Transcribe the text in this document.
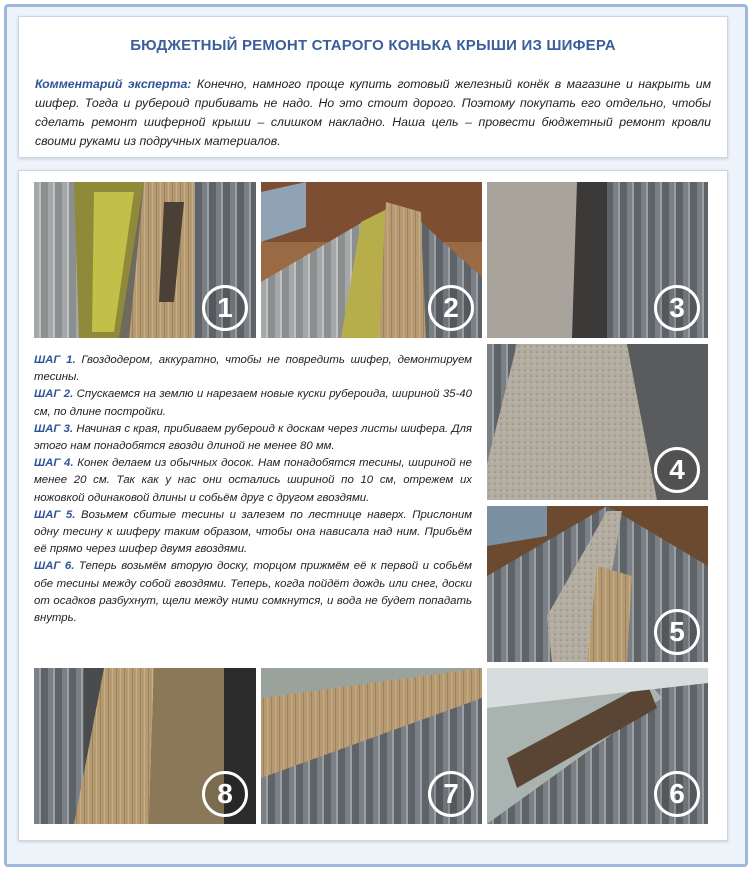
БЮДЖЕТНЫЙ РЕМОНТ СТАРОГО КОНЬКА КРЫШИ ИЗ ШИФЕРА
Комментарий эксперта: Конечно, намного проще купить готовый железный конёк в магазине и накрыть им шифер. Тогда и рубероид прибивать не надо. Но это стоит дорого. Поэтому покупать его отдельно, чтобы сделать ремонт шиферной крыши – слишком накладно. Наша цель – провести бюджетный ремонт кровли своими руками из подручных материалов.
1	2	3
4
5
8	7	6

ШАГ 1. Гвоздодером, аккуратно, чтобы не повредить шифер, демонтируем тесины.

ШАГ 2. Спускаемся на землю и нарезаем новые куски рубероида, шириной 35-40 см, по длине постройки.

ШАГ 3. Начиная с края, прибиваем рубероид к доскам через листы шифера. Для этого нам понадобятся гвозди длиной не менее 80 мм.

ШАГ 4. Конек делаем из обычных досок. Нам понадобятся тесины, шириной не менее 20 см. Так как у нас они остались шириной по 10 см, отрежем их ножовкой одинаковой длины и собьём друг с другом гвоздями.

ШАГ 5. Возьмем сбитые тесины и залезем по лестнице наверх. Прислоним одну тесину к шиферу таким образом, чтобы она нависала над ним. Прибьём её прямо через шифер двумя гвоздями.

ШАГ 6. Теперь возьмём вторую доску, торцом прижмём её к первой и собьём обе тесины между собой гвоздями. Теперь, когда пойдёт дождь или снег, доски от осадков разбухнут, щели между ними сомкнутся, и вода не будет попадать внутрь.
